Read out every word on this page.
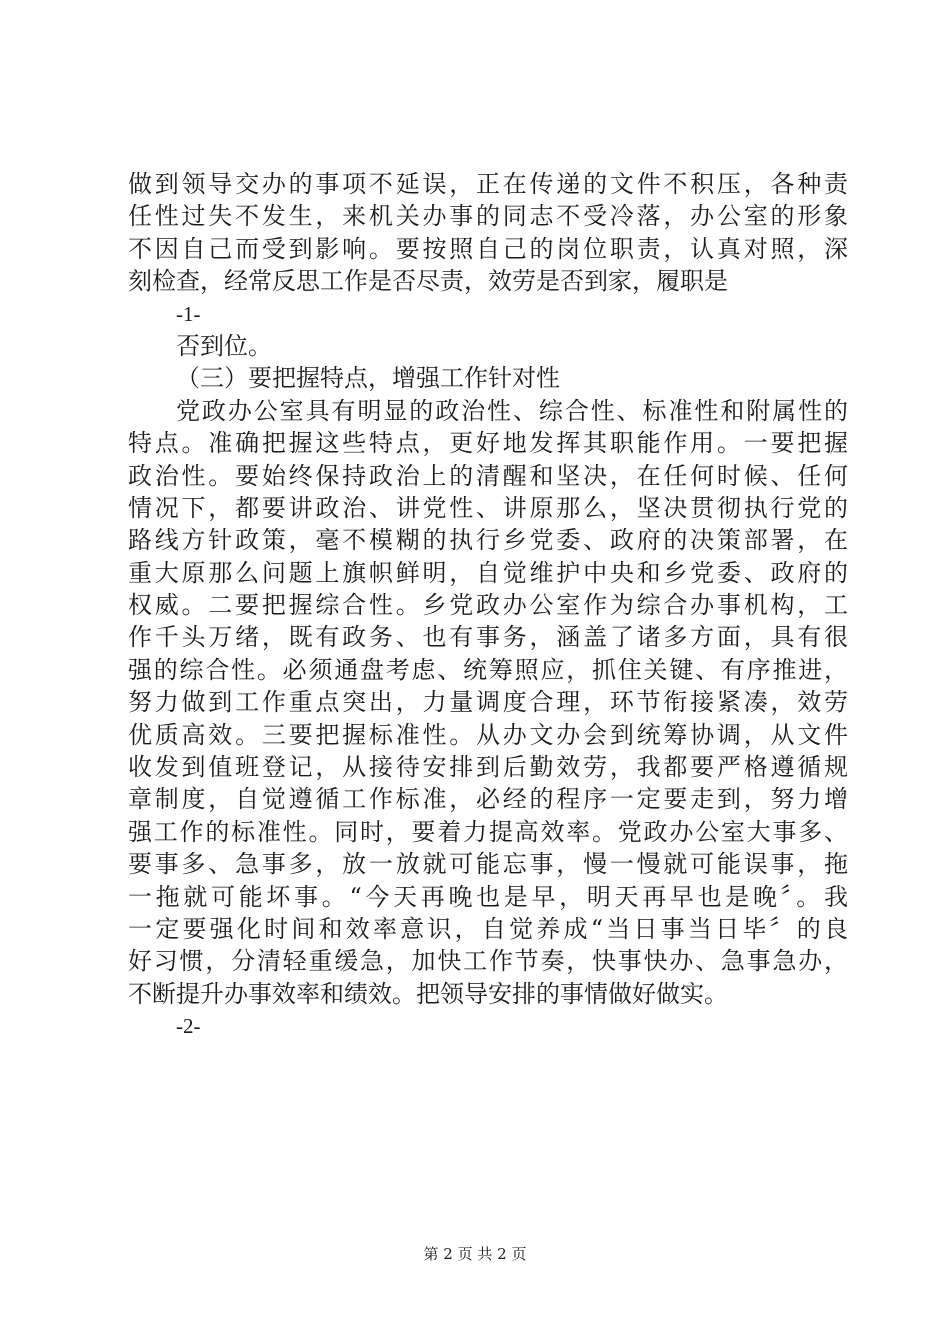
做到领导交办的事项不延误，正在传递的文件不积压，各种责
任性过失不发生，来机关办事的同志不受冷落，办公室的形象
不因自己而受到影响。要按照自己的岗位职责，认真对照，深
刻检查，经常反思工作是否尽责，效劳是否到家，履职是
-1-
否到位。
（三）要把握特点，增强工作针对性
党政办公室具有明显的政治性、综合性、标准性和附属性的
特点。准确把握这些特点，更好地发挥其职能作用。一要把握
政治性。要始终保持政治上的清醒和坚决，在任何时候、任何
情况下，都要讲政治、讲党性、讲原那么，坚决贯彻执行党的
路线方针政策，毫不模糊的执行乡党委、政府的决策部署，在
重大原那么问题上旗帜鲜明，自觉维护中央和乡党委、政府的
权威。二要把握综合性。乡党政办公室作为综合办事机构，工
作千头万绪，既有政务、也有事务，涵盖了诸多方面，具有很
强的综合性。必须通盘考虑、统筹照应，抓住关键、有序推进，
努力做到工作重点突出，力量调度合理，环节衔接紧凑，效劳
优质高效。三要把握标准性。从办文办会到统筹协调，从文件
收发到值班登记，从接待安排到后勤效劳，我都要严格遵循规
章制度，自觉遵循工作标准，必经的程序一定要走到，努力增
强工作的标准性。同时，要着力提高效率。党政办公室大事多、
要事多、急事多，放一放就可能忘事，慢一慢就可能误事，拖
一拖就可能坏事。“今天再晚也是早，明天再早也是晚〞。我
一定要强化时间和效率意识，自觉养成“当日事当日毕〞的良
好习惯，分清轻重缓急，加快工作节奏，快事快办、急事急办，
不断提升办事效率和绩效。把领导安排的事情做好做实。
-2-
第 2 页 共 2 页
